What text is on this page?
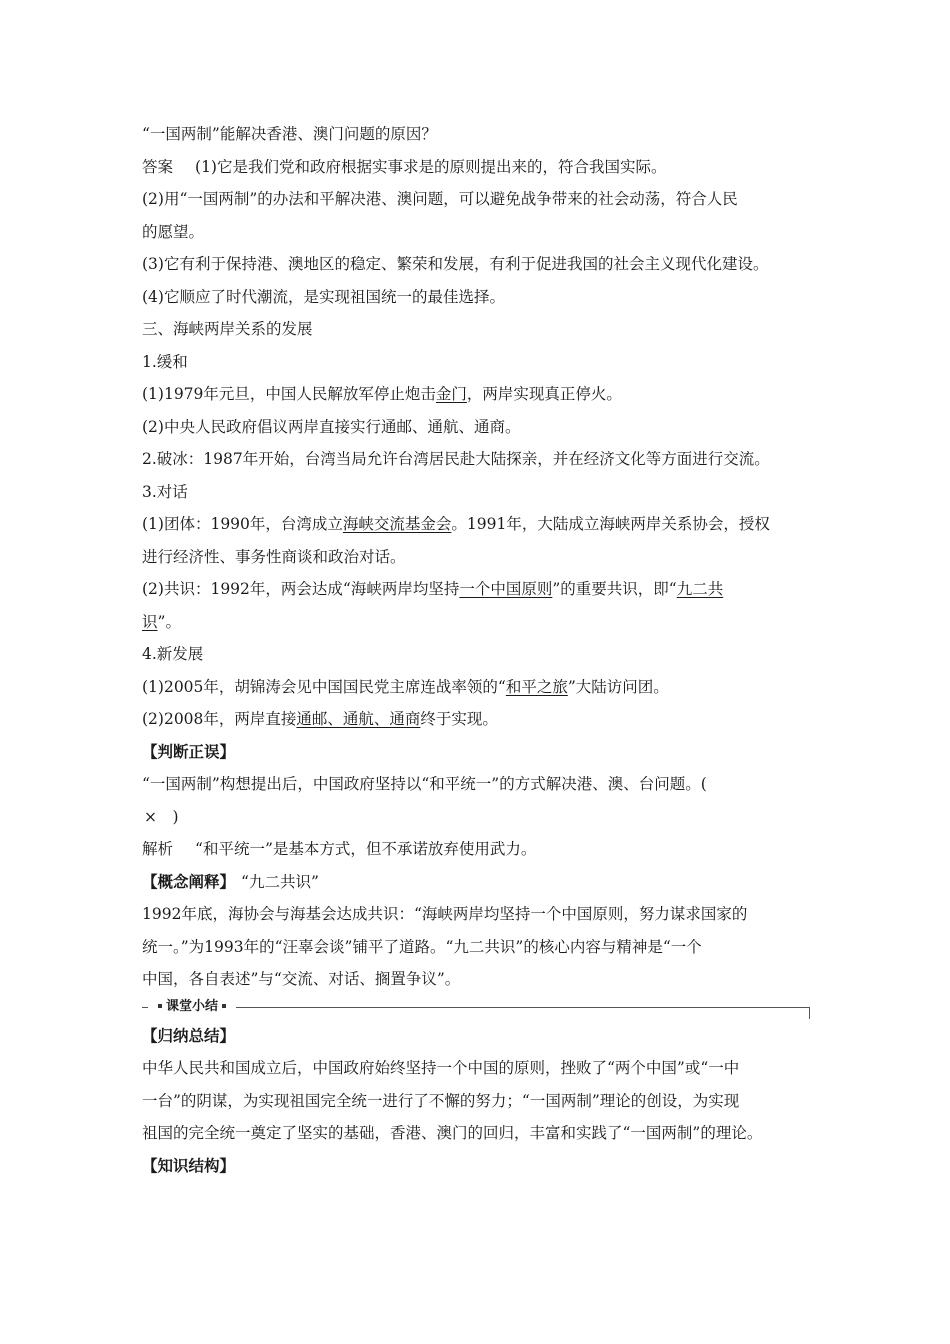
“一国两制”能解决香港、澳门问题的原因？
答案 (1)它是我们党和政府根据实事求是的原则提出来的，符合我国实际。
(2)用“一国两制”的办法和平解决港、澳问题，可以避免战争带来的社会动荡，符合人民
的愿望。
(3)它有利于保持港、澳地区的稳定、繁荣和发展，有利于促进我国的社会主义现代化建设。
(4)它顺应了时代潮流，是实现祖国统一的最佳选择。
三、海峡两岸关系的发展
1.缓和
(1)1979年元旦，中国人民解放军停止炮击金门，两岸实现真正停火。
(2)中央人民政府倡议两岸直接实行通邮、通航、通商。
2.破冰：1987年开始，台湾当局允许台湾居民赴大陆探亲，并在经济文化等方面进行交流。
3.对话
(1)团体：1990年，台湾成立海峡交流基金会。1991年，大陆成立海峡两岸关系协会，授权
进行经济性、事务性商谈和政治对话。
(2)共识：1992年，两会达成“海峡两岸均坚持一个中国原则”的重要共识，即“九二共
识”。
4.新发展
(1)2005年，胡锦涛会见中国国民党主席连战率领的“和平之旅”大陆访问团。
(2)2008年，两岸直接通邮、通航、通商终于实现。
【判断正误】
“一国两制”构想提出后，中国政府坚持以“和平统一”的方式解决港、澳、台问题。(
×　)
解析 “和平统一”是基本方式，但不承诺放弃使用武力。
【概念阐释】 “九二共识”
1992年底，海协会与海基会达成共识：“海峡两岸均坚持一个中国原则，努力谋求国家的
统一。”为1993年的“汪辜会谈”铺平了道路。“九二共识”的核心内容与精神是“一个
中国，各自表述”与“交流、对话、搁置争议”。
课堂小结
【归纳总结】
中华人民共和国成立后，中国政府始终坚持一个中国的原则，挫败了“两个中国”或“一中
一台”的阴谋，为实现祖国完全统一进行了不懈的努力；“一国两制”理论的创设，为实现
祖国的完全统一奠定了坚实的基础，香港、澳门的回归，丰富和实践了“一国两制”的理论。
【知识结构】
